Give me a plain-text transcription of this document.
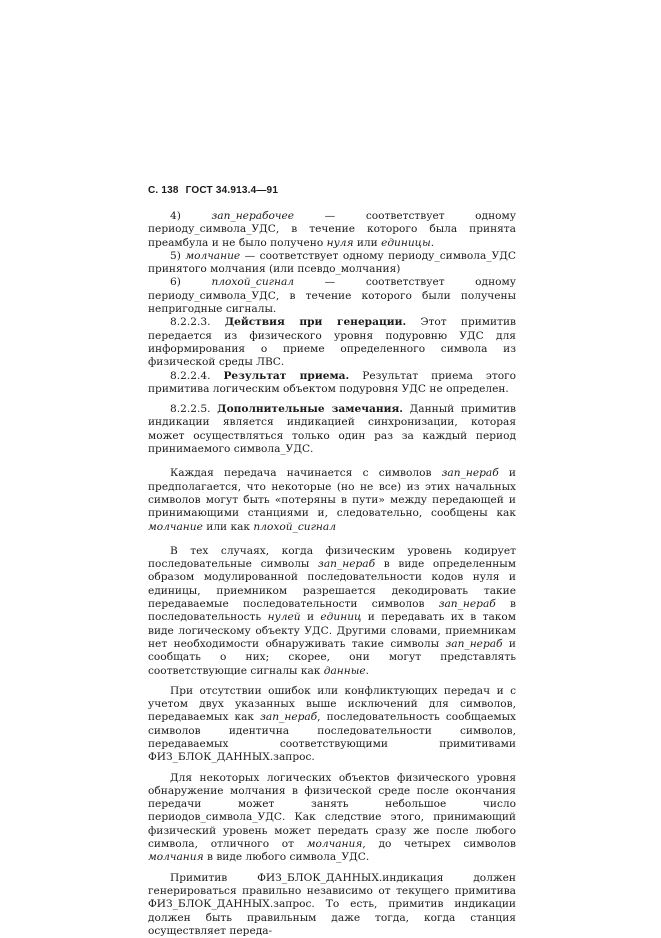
С. 138 ГОСТ 34.913.4—91

4)	зап_нерабочее — соответствует одному периоду_символа_УДС, в течение которого была принята преамбула и не было получено нуля или единицы.

5) молчание — соответствует одному периоду_символа_УДС принятого молчания (или псевдо_молчания)

6)	плохой_сигнал — соответствует одному периоду_символа_УДС, в течение которого были получены непригодные сигналы.

8.2.2.3. Действия при генерации. Этот примитив передается из физического уровня подуровню УДС для информирования о приеме определенного символа из физической среды ЛВС.

8.2.2.4. Результат приема. Результат приема этого примитива логическим объектом подуровня УДС не определен.

8.2.2.5. Дополнительные замечания. Данный примитив индикации является индикацией синхронизации, которая может осуществляться только один раз за каждый период принимаемого символа_УДС.

Каждая передача начинается с символов зап_нераб и предполагается, что некоторые (но не все) из этих начальных символов могут быть «потеряны в пути» между передающей и принимающими станциями и, следовательно, сообщены как молчание или как плохой_сигнал

В тех случаях, когда физическим уровень кодирует последовательные символы зап_нераб в виде определенным образом модулированной последовательности кодов нуля и единицы, приемником разрешается декодировать такие передаваемые последовательности символов зап_нераб в последовательность нулей и единиц и передавать их в таком виде логическому объекту УДС. Другими словами, приемникам нет необходимости обнаруживать такие символы зап_нераб и сообщать о них; скорее, они могут представлять соответствующие сигналы как данные.

При отсутствии ошибок или конфликтующих передач и с учетом двух указанных выше исключений для символов, передаваемых как зап_нераб, последовательность сообщаемых символов идентична последовательности символов, передаваемых соответствующими примитивами ФИЗ_БЛОК_ДАННЫХ.запрос.

Для некоторых логических объектов физического уровня обнаружение молчания в физической среде после окончания передачи может занять небольшое число периодов_символа_УДС. Как следствие этого, принимающий физический уровень может передать сразу же после любого символа, отличного от молчания, до четырех символов молчания в виде любого символа_УДС.

Примитив ФИЗ_БЛОК_ДАННЫХ.индикация должен генерироваться правильно независимо от текущего примитива ФИЗ_БЛОК_ДАННЫХ.запрос. То есть, примитив индикации должен быть правильным даже тогда, когда станция осуществляет переда-
